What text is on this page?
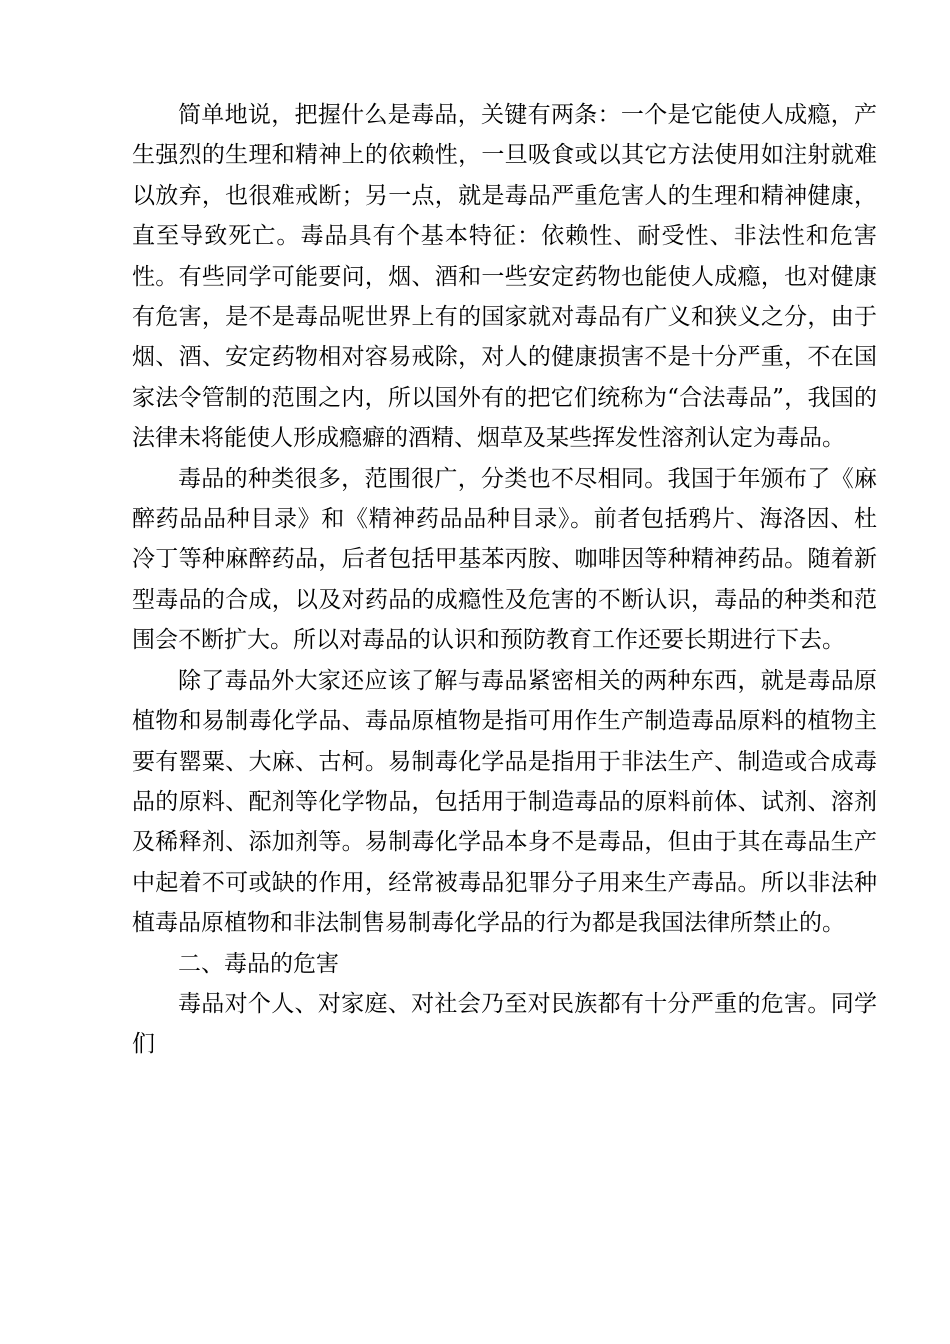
简单地说，把握什么是毒品，关键有两条：一个是它能使人成瘾，产生强烈的生理和精神上的依赖性，一旦吸食或以其它方法使用如注射就难以放弃，也很难戒断；另一点，就是毒品严重危害人的生理和精神健康，直至导致死亡。毒品具有个基本特征：依赖性、耐受性、非法性和危害性。有些同学可能要问，烟、酒和一些安定药物也能使人成瘾，也对健康有危害，是不是毒品呢世界上有的国家就对毒品有广义和狭义之分，由于烟、酒、安定药物相对容易戒除，对人的健康损害不是十分严重，不在国家法令管制的范围之内，所以国外有的把它们统称为“合法毒品”，我国的法律未将能使人形成瘾癖的酒精、烟草及某些挥发性溶剂认定为毒品。

毒品的种类很多，范围很广，分类也不尽相同。我国于年颁布了《麻醉药品品种目录》和《精神药品品种目录》。前者包括鸦片、海洛因、杜冷丁等种麻醉药品，后者包括甲基苯丙胺、咖啡因等种精神药品。随着新型毒品的合成，以及对药品的成瘾性及危害的不断认识，毒品的种类和范围会不断扩大。所以对毒品的认识和预防教育工作还要长期进行下去。

除了毒品外大家还应该了解与毒品紧密相关的两种东西，就是毒品原植物和易制毒化学品、毒品原植物是指可用作生产制造毒品原料的植物主要有罂粟、大麻、古柯。易制毒化学品是指用于非法生产、制造或合成毒品的原料、配剂等化学物品，包括用于制造毒品的原料前体、试剂、溶剂及稀释剂、添加剂等。易制毒化学品本身不是毒品，但由于其在毒品生产中起着不可或缺的作用，经常被毒品犯罪分子用来生产毒品。所以非法种植毒品原植物和非法制售易制毒化学品的行为都是我国法律所禁止的。

二、毒品的危害

毒品对个人、对家庭、对社会乃至对民族都有十分严重的危害。同学们
